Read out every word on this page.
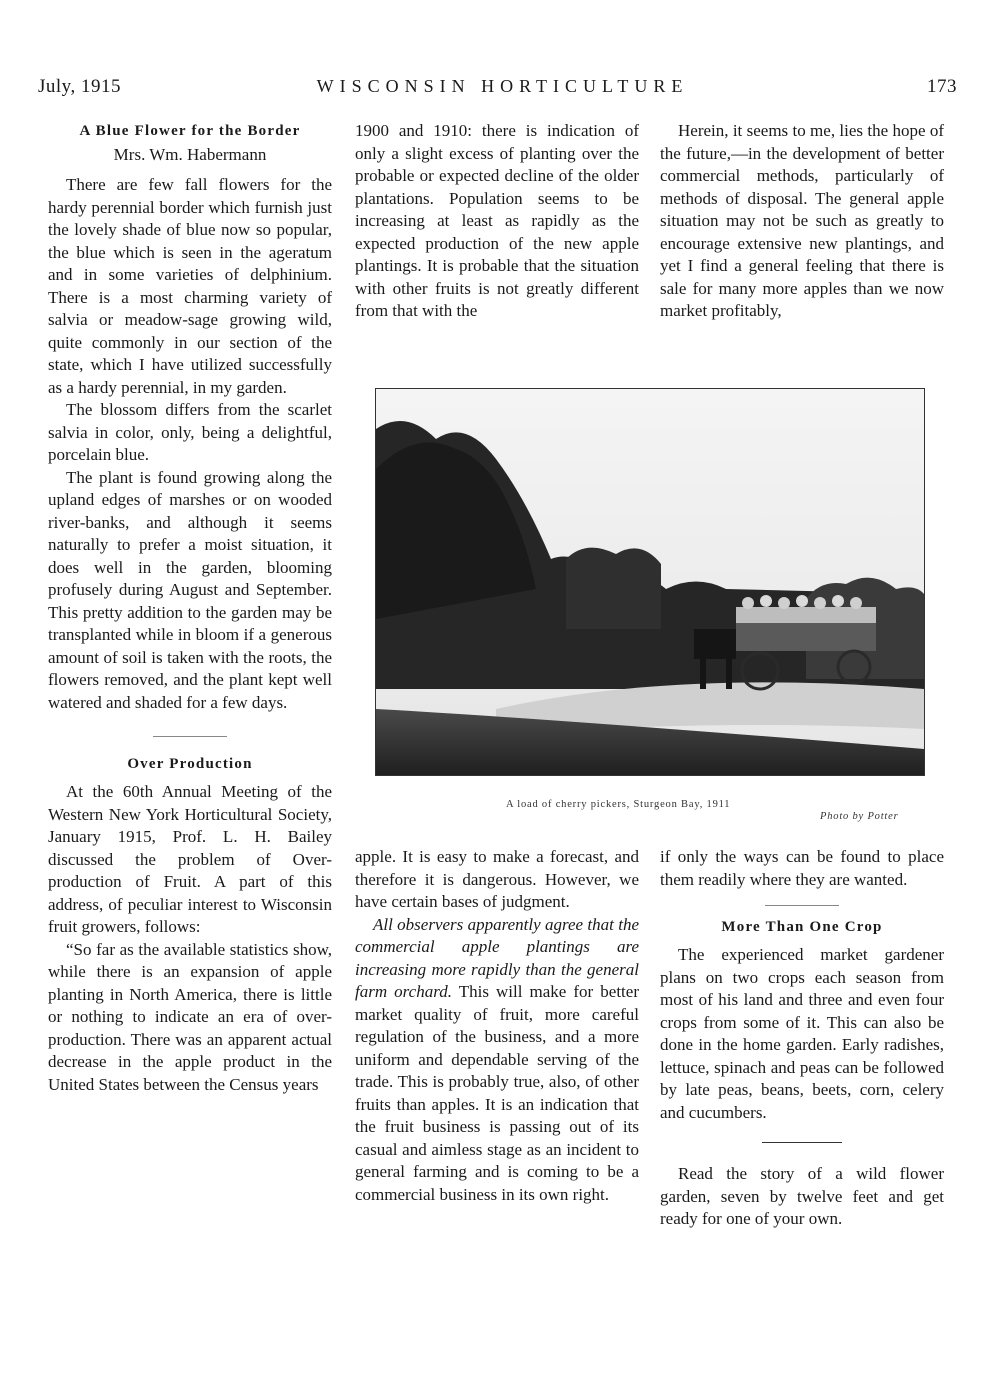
July, 1915	WISCONSIN HORTICULTURE	173
A Blue Flower for the Border
Mrs. Wm. Habermann

There are few fall flowers for the hardy perennial border which furnish just the lovely shade of blue now so popular, the blue which is seen in the ageratum and in some varieties of delphinium. There is a most charming variety of salvia or meadow-sage growing wild, quite commonly in our section of the state, which I have utilized successfully as a hardy perennial, in my garden.

The blossom differs from the scarlet salvia in color, only, being a delightful, porcelain blue.

The plant is found growing along the upland edges of marshes or on wooded river-banks, and although it seems naturally to prefer a moist situation, it does well in the garden, blooming profusely during August and September. This pretty addition to the garden may be transplanted while in bloom if a generous amount of soil is taken with the roots, the flowers removed, and the plant kept well watered and shaded for a few days.

Over Production

At the 60th Annual Meeting of the Western New York Horticultural Society, January 1915, Prof. L. H. Bailey discussed the problem of Over-production of Fruit. A part of this address, of peculiar interest to Wisconsin fruit growers, follows:

“So far as the available statistics show, while there is an expansion of apple planting in North America, there is little or nothing to indicate an era of over-production. There was an apparent actual decrease in the apple product in the United States between the Census years

1900 and 1910: there is indication of only a slight excess of planting over the probable or expected decline of the older plantations. Population seems to be increasing at least as rapidly as the expected production of the new apple plantings. It is probable that the situation with other fruits is not greatly different from that with the

Herein, it seems to me, lies the hope of the future,—in the development of better commercial methods, particularly of methods of disposal. The general apple situation may not be such as greatly to encourage extensive new plantings, and yet I find a general feeling that there is sale for many more apples than we now market profitably,

A load of cherry pickers, Sturgeon Bay, 1911
Photo by Potter

apple. It is easy to make a forecast, and therefore it is dangerous. However, we have certain bases of judgment.

All observers apparently agree that the commercial apple plantings are increasing more rapidly than the general farm orchard. This will make for better market quality of fruit, more careful regulation of the business, and a more uniform and dependable serving of the trade. This is probably true, also, of other fruits than apples. It is an indication that the fruit business is passing out of its casual and aimless stage as an incident to general farming and is coming to be a commercial business in its own right.

if only the ways can be found to place them readily where they are wanted.

More Than One Crop

The experienced market gardener plans on two crops each season from most of his land and three and even four crops from some of it. This can also be done in the home garden. Early radishes, lettuce, spinach and peas can be followed by late peas, beans, beets, corn, celery and cucumbers.

Read the story of a wild flower garden, seven by twelve feet and get ready for one of your own.
